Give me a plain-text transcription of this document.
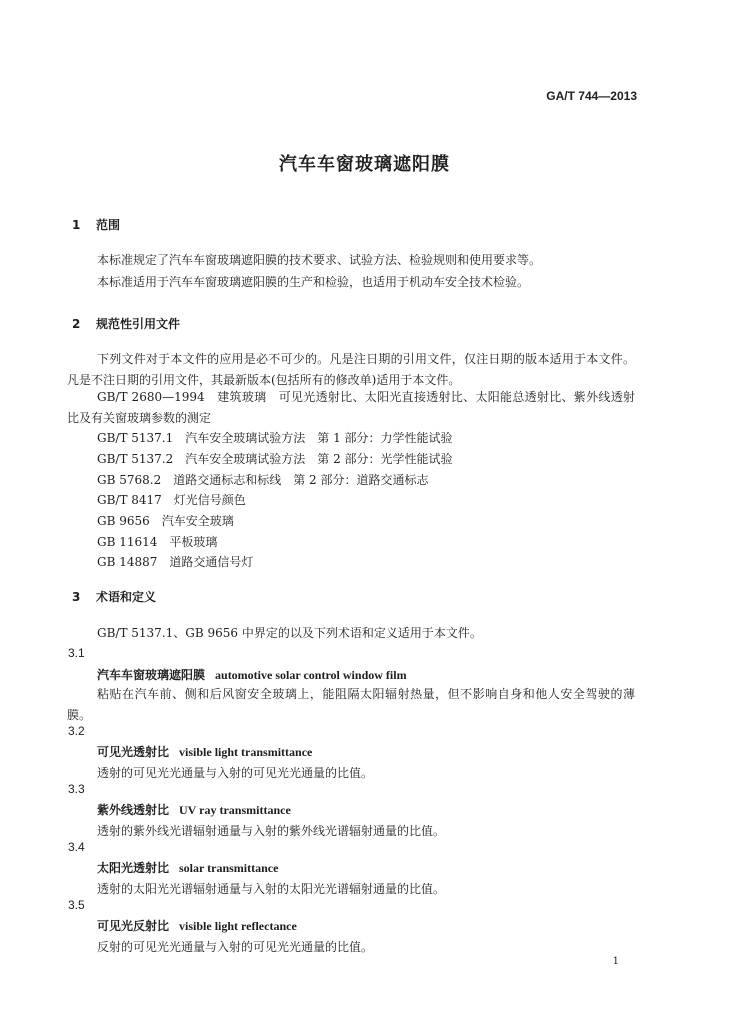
GA/T 744—2013
汽车车窗玻璃遮阳膜
1 范围
本标准规定了汽车车窗玻璃遮阳膜的技术要求、试验方法、检验规则和使用要求等。
本标准适用于汽车车窗玻璃遮阳膜的生产和检验，也适用于机动车安全技术检验。
2 规范性引用文件
下列文件对于本文件的应用是必不可少的。凡是注日期的引用文件，仅注日期的版本适用于本文件。凡是不注日期的引用文件，其最新版本(包括所有的修改单)适用于本文件。
GB/T 2680—1994　建筑玻璃　可见光透射比、太阳光直接透射比、太阳能总透射比、紫外线透射比及有关窗玻璃参数的测定
GB/T 5137.1　汽车安全玻璃试验方法　第 1 部分：力学性能试验
GB/T 5137.2　汽车安全玻璃试验方法　第 2 部分：光学性能试验
GB 5768.2　道路交通标志和标线　第 2 部分：道路交通标志
GB/T 8417　灯光信号颜色
GB 9656　汽车安全玻璃
GB 11614　平板玻璃
GB 14887　道路交通信号灯
3 术语和定义
GB/T 5137.1、GB 9656 中界定的以及下列术语和定义适用于本文件。
3.1
汽车车窗玻璃遮阳膜 automotive solar control window film
粘贴在汽车前、侧和后风窗安全玻璃上，能阻隔太阳辐射热量，但不影响自身和他人安全驾驶的薄膜。
3.2
可见光透射比 visible light transmittance
透射的可见光光通量与入射的可见光光通量的比值。
3.3
紫外线透射比 UV ray transmittance
透射的紫外线光谱辐射通量与入射的紫外线光谱辐射通量的比值。
3.4
太阳光透射比 solar transmittance
透射的太阳光光谱辐射通量与入射的太阳光光谱辐射通量的比值。
3.5
可见光反射比 visible light reflectance
反射的可见光光通量与入射的可见光光通量的比值。
1
